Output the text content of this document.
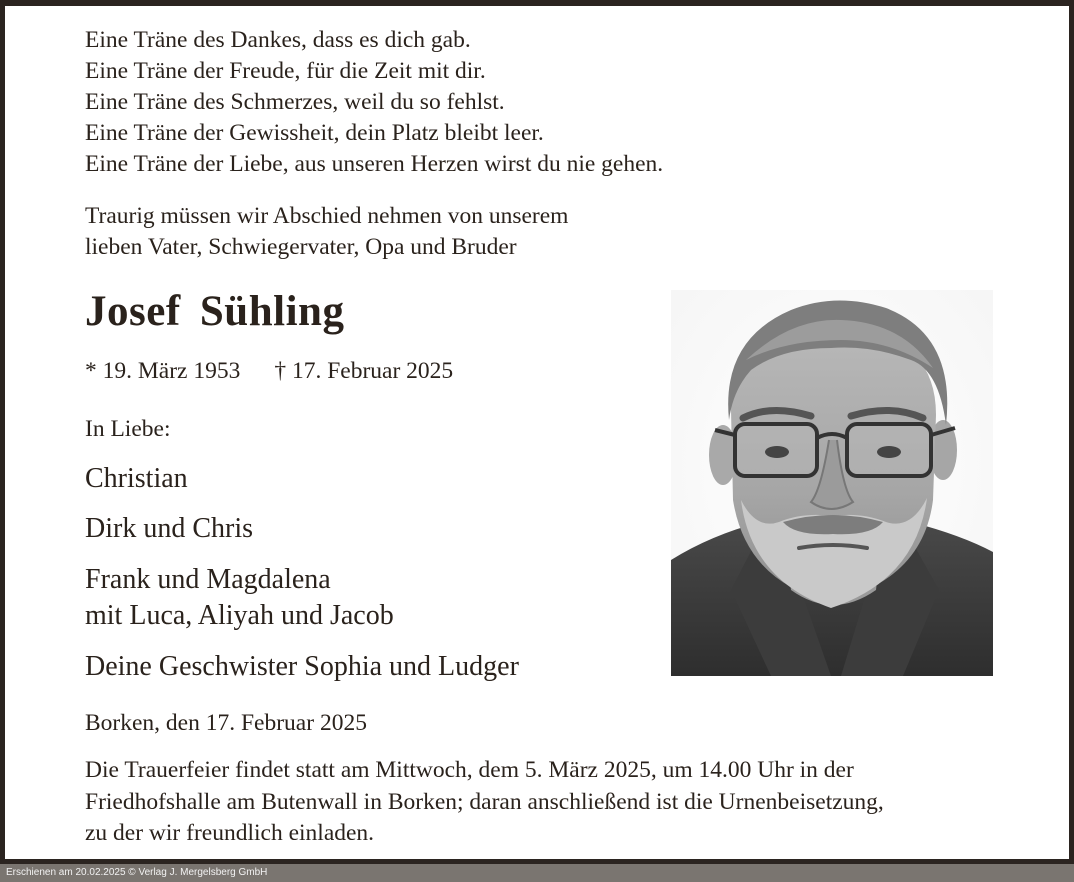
Eine Träne des Dankes, dass es dich gab.
Eine Träne der Freude, für die Zeit mit dir.
Eine Träne des Schmerzes, weil du so fehlst.
Eine Träne der Gewissheit, dein Platz bleibt leer.
Eine Träne der Liebe, aus unseren Herzen wirst du nie gehen.
Traurig müssen wir Abschied nehmen von unserem
lieben Vater, Schwiegervater, Opa und Bruder
Josef Sühling
* 19. März 1953 † 17. Februar 2025
In Liebe:
Christian
Dirk und Chris
Frank und Magdalena
mit Luca, Aliyah und Jacob
Deine Geschwister Sophia und Ludger
Borken, den 17. Februar 2025
Die Trauerfeier findet statt am Mittwoch, dem 5. März 2025, um 14.00 Uhr in der
Friedhofshalle am Butenwall in Borken; daran anschließend ist die Urnenbeisetzung,
zu der wir freundlich einladen.
Erschienen am 20.02.2025 © Verlag J. Mergelsberg GmbH
